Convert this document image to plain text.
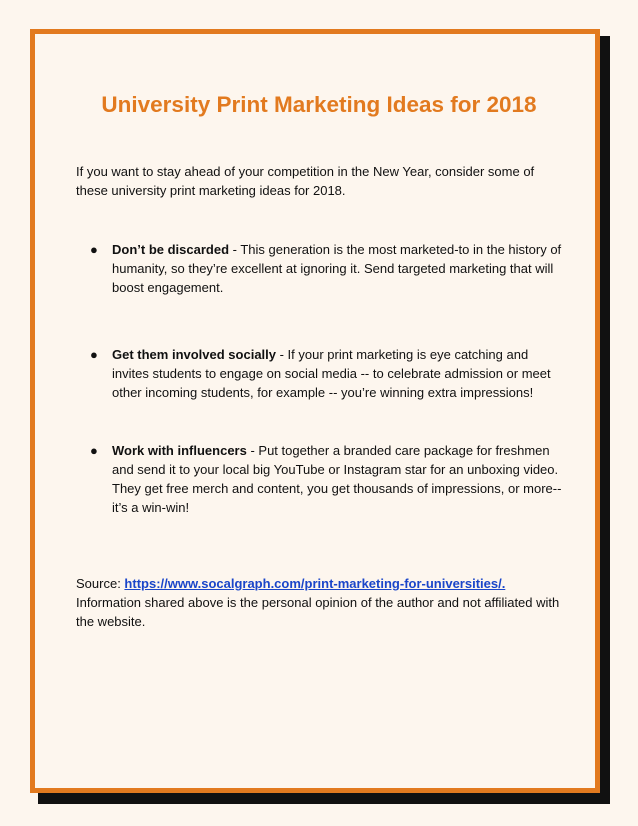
University Print Marketing Ideas for 2018

If you want to stay ahead of your competition in the New Year, consider some of these university print marketing ideas for 2018.

● Don’t be discarded - This generation is the most marketed-to in the history of humanity, so they’re excellent at ignoring it. Send targeted marketing that will boost engagement.

● Get them involved socially - If your print marketing is eye catching and invites students to engage on social media -- to celebrate admission or meet other incoming students, for example -- you’re winning extra impressions!

● Work with influencers - Put together a branded care package for freshmen and send it to your local big YouTube or Instagram star for an unboxing video. They get free merch and content, you get thousands of impressions, or more-- it’s a win-win!

Source: https://www.socalgraph.com/print-marketing-for-universities/. Information shared above is the personal opinion of the author and not affiliated with the website.
